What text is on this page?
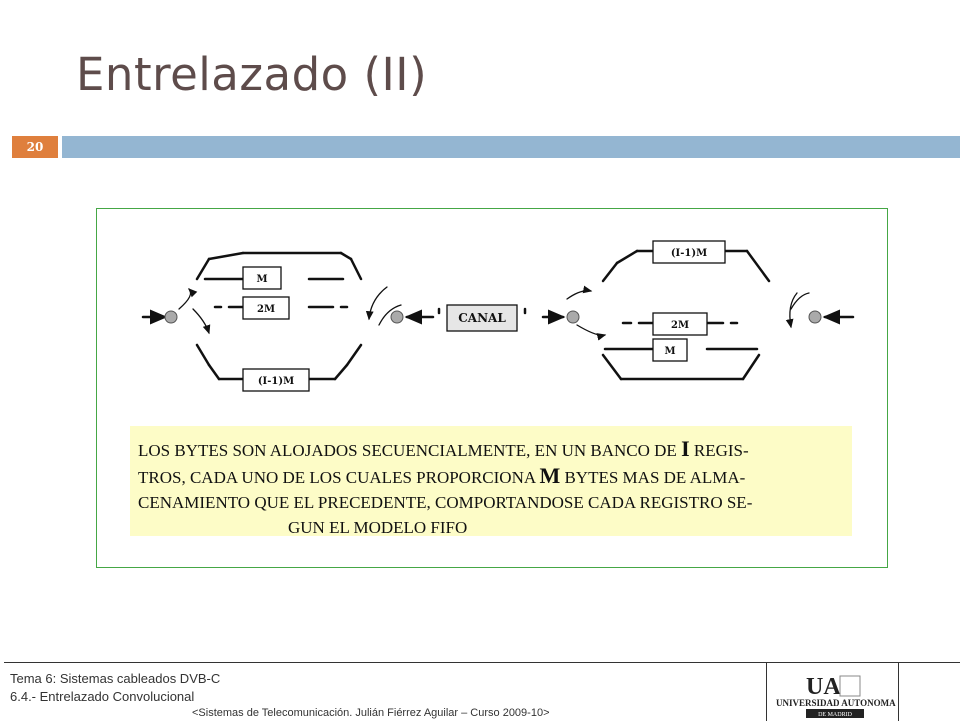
Entrelazado (II)
20
M
2M
(I-1)M
(I-1)M
2M
M
CANAL
LOS BYTES SON ALOJADOS SECUENCIALMENTE, EN UN BANCO DE I REGIS-
TROS, CADA UNO DE LOS CUALES PROPORCIONA M BYTES MAS DE ALMA-
CENAMIENTO QUE EL PRECEDENTE, COMPORTANDOSE CADA REGISTRO SE-
GUN EL MODELO FIFO
Tema 6: Sistemas cableados DVB-C
6.4.- Entrelazado Convolucional
<Sistemas de Telecomunicación. Julián Fiérrez Aguilar – Curso 2009-10>
UA
UNIVERSIDAD AUTONOMA
DE MADRID
